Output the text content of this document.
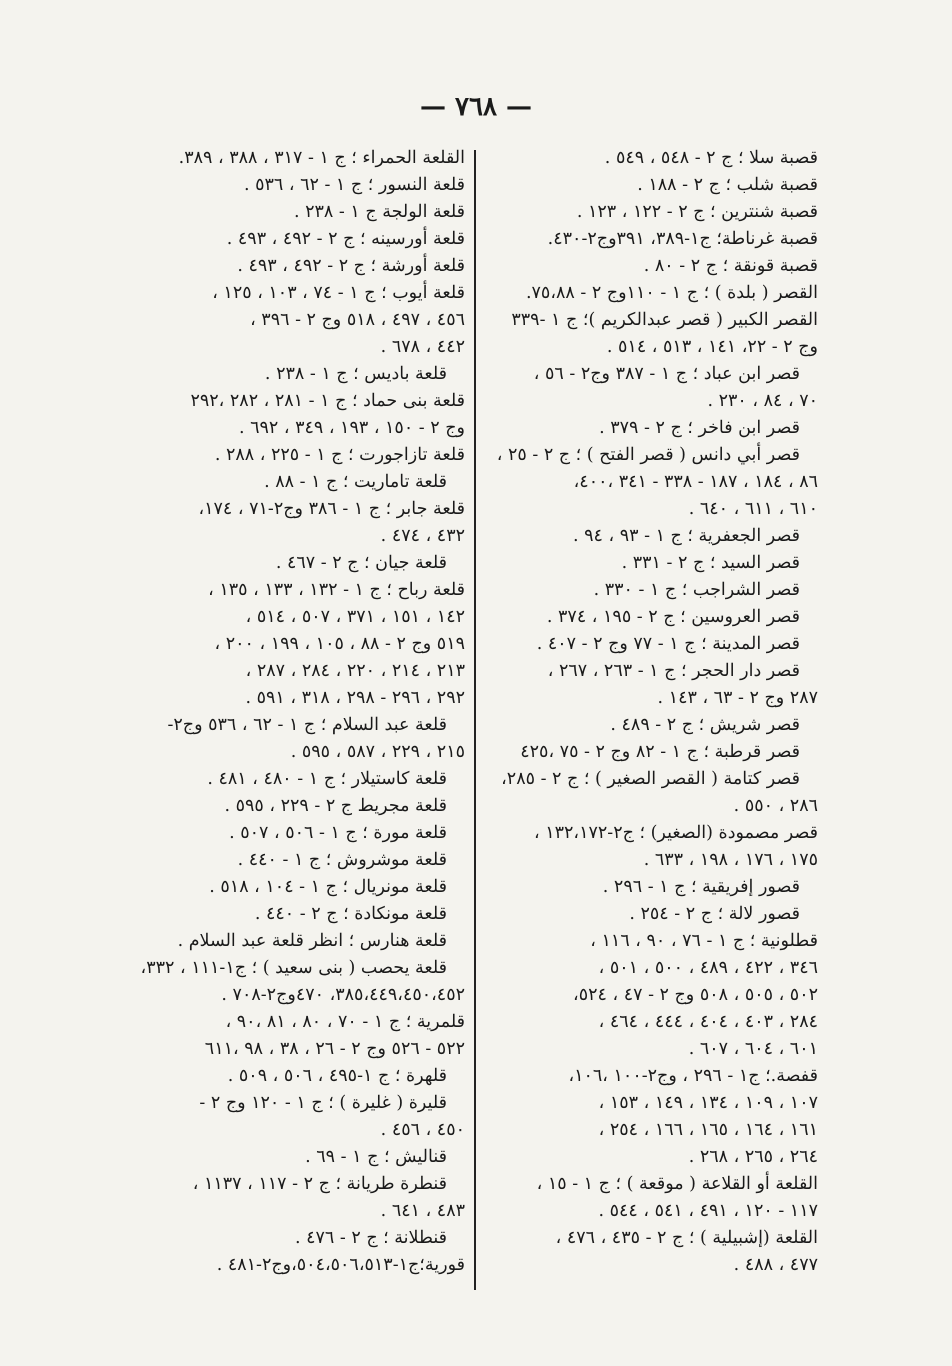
— ٧٦٨ —
قصبة سلا ؛ ج ٢ - ٥٤٨ ، ٥٤٩ .
قصبة شلب ؛ ج ٢ - ١٨٨ .
قصبة شنترين ؛ ج ٢ - ١٢٢ ، ١٢٣ .
قصبة غرناطة؛ ج١-٣٨٩، ٣٩١وج٢-٤٣٠.
قصبة قونقة ؛ ج ٢ - ٨٠ .
القصر ( بلدة ) ؛ ج ١ - ١١٠وج ٢ - ٧٥،٨٨.
القصر الكبير ( قصر عبدالكريم )؛ ج ١ -٣٣٩
وج ٢ - ٢٢، ١٤١ ، ٥١٣ ، ٥١٤ .
قصر ابن عباد ؛ ج ١ - ٣٨٧ وج٢ - ٥٦ ،
٧٠ ، ٨٤ ، ٢٣٠ .
قصر ابن فاخر ؛ ج ٢ - ٣٧٩ .
قصر أبي دانس ( قصر الفتح ) ؛ ج ٢ - ٢٥ ،
٨٦ ، ١٨٤ ، ١٨٧ - ٣٣٨ - ٣٤١ ،٤٠٠،
٦١٠ ، ٦١١ ، ٦٤٠ .
قصر الجعفرية ؛ ج ١ - ٩٣ ، ٩٤ .
قصر السيد ؛ ج ٢ - ٣٣١ .
قصر الشراجب ؛ ج ١ - ٣٣٠ .
قصر العروسين ؛ ج ٢ - ١٩٥ ، ٣٧٤ .
قصر المدينة ؛ ج ١ - ٧٧ وج ٢ - ٤٠٧ .
قصر دار الحجر ؛ ج ١ - ٢٦٣ ، ٢٦٧ ،
٢٨٧ وج ٢ - ٦٣ ، ١٤٣ .
قصر شريش ؛ ج ٢ - ٤٨٩ .
قصر قرطبة ؛ ج ١ - ٨٢ وج ٢ - ٧٥ ،٤٢٥
قصر كتامة ( القصر الصغير ) ؛ ج ٢ - ٢٨٥،
٢٨٦ ، ٥٥٠ .
قصر مصمودة (الصغير) ؛ ج٢-١٣٢،١٧٢ ،
١٧٥ ، ١٧٦ ، ١٩٨ ، ٦٣٣ .
قصور إفريقية ؛ ج ١ - ٢٩٦ .
قصور لالة ؛ ج ٢ - ٢٥٤ .
قطلونية ؛ ج ١ - ٧٦ ، ٩٠ ، ١١٦ ،
٣٤٦ ، ٤٢٢ ، ٤٨٩ ، ٥٠٠ ، ٥٠١ ،
٥٠٢ ، ٥٠٥ ، ٥٠٨ وج ٢ - ٤٧ ، ٥٢٤،
٢٨٤ ، ٤٠٣ ، ٤٠٤ ، ٤٤٤ ، ٤٦٤ ،
٦٠١ ، ٦٠٤ ، ٦٠٧ .
قفصة.؛ ج١ - ٢٩٦ ، وج٢-١٠٠ ،١٠٦،
١٠٧ ، ١٠٩ ، ١٣٤ ، ١٤٩ ، ١٥٣ ،
١٦١ ، ١٦٤ ، ١٦٥ ، ١٦٦ ، ٢٥٤ ،
٢٦٤ ، ٢٦٥ ، ٢٦٨ .
القلعة أو القلاعة ( موقعة ) ؛ ج ١ - ١٥ ،
١١٧ - ١٢٠ ، ٤٩١ ، ٥٤١ ، ٥٤٤ .
القلعة (إشبيلية ) ؛ ج ٢ - ٤٣٥ ، ٤٧٦ ،
٤٧٧ ، ٤٨٨ .
القلعة الحمراء ؛ ج ١ - ٣١٧ ، ٣٨٨ ، ٣٨٩.
قلعة النسور ؛ ج ١ - ٦٢ ، ٥٣٦ .
قلعة الولجة ج ١ - ٢٣٨ .
قلعة أورسينه ؛ ج ٢ - ٤٩٢ ، ٤٩٣ .
قلعة أورشة ؛ ج ٢ - ٤٩٢ ، ٤٩٣ .
قلعة أيوب ؛ ج ١ - ٧٤ ، ١٠٣ ، ١٢٥ ،
٤٥٦ ، ٤٩٧ ، ٥١٨ وج ٢ - ٣٩٦ ،
٤٤٢ ، ٦٧٨ .
قلعة باديس ؛ ج ١ - ٢٣٨ .
قلعة بنى حماد ؛ ج ١ - ٢٨١ ، ٢٨٢ ،٢٩٢
وج ٢ - ١٥٠ ، ١٩٣ ، ٣٤٩ ، ٦٩٢ .
قلعة تازاجورت ؛ ج ١ - ٢٢٥ ، ٢٨٨ .
قلعة تاماريت ؛ ج ١ - ٨٨ .
قلعة جابر ؛ ج ١ - ٣٨٦ وج٢-٧١ ، ١٧٤،
٤٣٢ ، ٤٧٤ .
قلعة جيان ؛ ج ٢ - ٤٦٧ .
قلعة رباح ؛ ج ١ - ١٣٢ ، ١٣٣ ، ١٣٥ ،
١٤٢ ، ١٥١ ، ٣٧١ ، ٥٠٧ ، ٥١٤ ،
٥١٩ وج ٢ - ٨٨ ، ١٠٥ ، ١٩٩ ، ٢٠٠ ،
٢١٣ ، ٢١٤ ، ٢٢٠ ، ٢٨٤ ، ٢٨٧ ،
٢٩٢ ، ٢٩٦ - ٢٩٨ ، ٣١٨ ، ٥٩١ .
قلعة عبد السلام ؛ ج ١ - ٦٢ ، ٥٣٦ وج٢-
٢١٥ ، ٢٢٩ ، ٥٨٧ ، ٥٩٥ .
قلعة كاستيلار ؛ ج ١ - ٤٨٠ ، ٤٨١ .
قلعة مجريط ج ٢ - ٢٢٩ ، ٥٩٥ .
قلعة مورة ؛ ج ١ - ٥٠٦ ، ٥٠٧ .
قلعة موشروش ؛ ج ١ - ٤٤٠ .
قلعة مونريال ؛ ج ١ - ١٠٤ ، ٥١٨ .
قلعة مونكادة ؛ ج ٢ - ٤٤٠ .
قلعة هنارس ؛ انظر قلعة عبد السلام .
قلعة يحصب ( بنى سعيد ) ؛ ج١-١١١ ، ٣٣٢،
٣٨٥،٤٤٩،٤٥٠،٤٥٢، ٤٧٠وج٢-٧٠٨ .
قلمرية ؛ ج ١ - ٧٠ ، ٨٠ ، ٨١ ،٩٠ ،
٥٢٢ - ٥٢٦ وج ٢ - ٢٦ ، ٣٨ ، ٩٨ ،٦١١
قلهرة ؛ ج ١-٤٩٥ ، ٥٠٦ ، ٥٠٩ .
قليرة ( غليرة ) ؛ ج ١ - ١٢٠ وج ٢ -
٤٥٠ ، ٤٥٦ .
قناليش ؛ ج ١ - ٦٩ .
قنطرة طريانة ؛ ج ٢ - ١١٧ ، ١١٣٧ ،
٤٨٣ ، ٦٤١ .
قنطلانة ؛ ج ٢ - ٤٧٦ .
قورية؛ج١-٥٠٤،٥٠٦،٥١٣،وج٢-٤٨١ .
